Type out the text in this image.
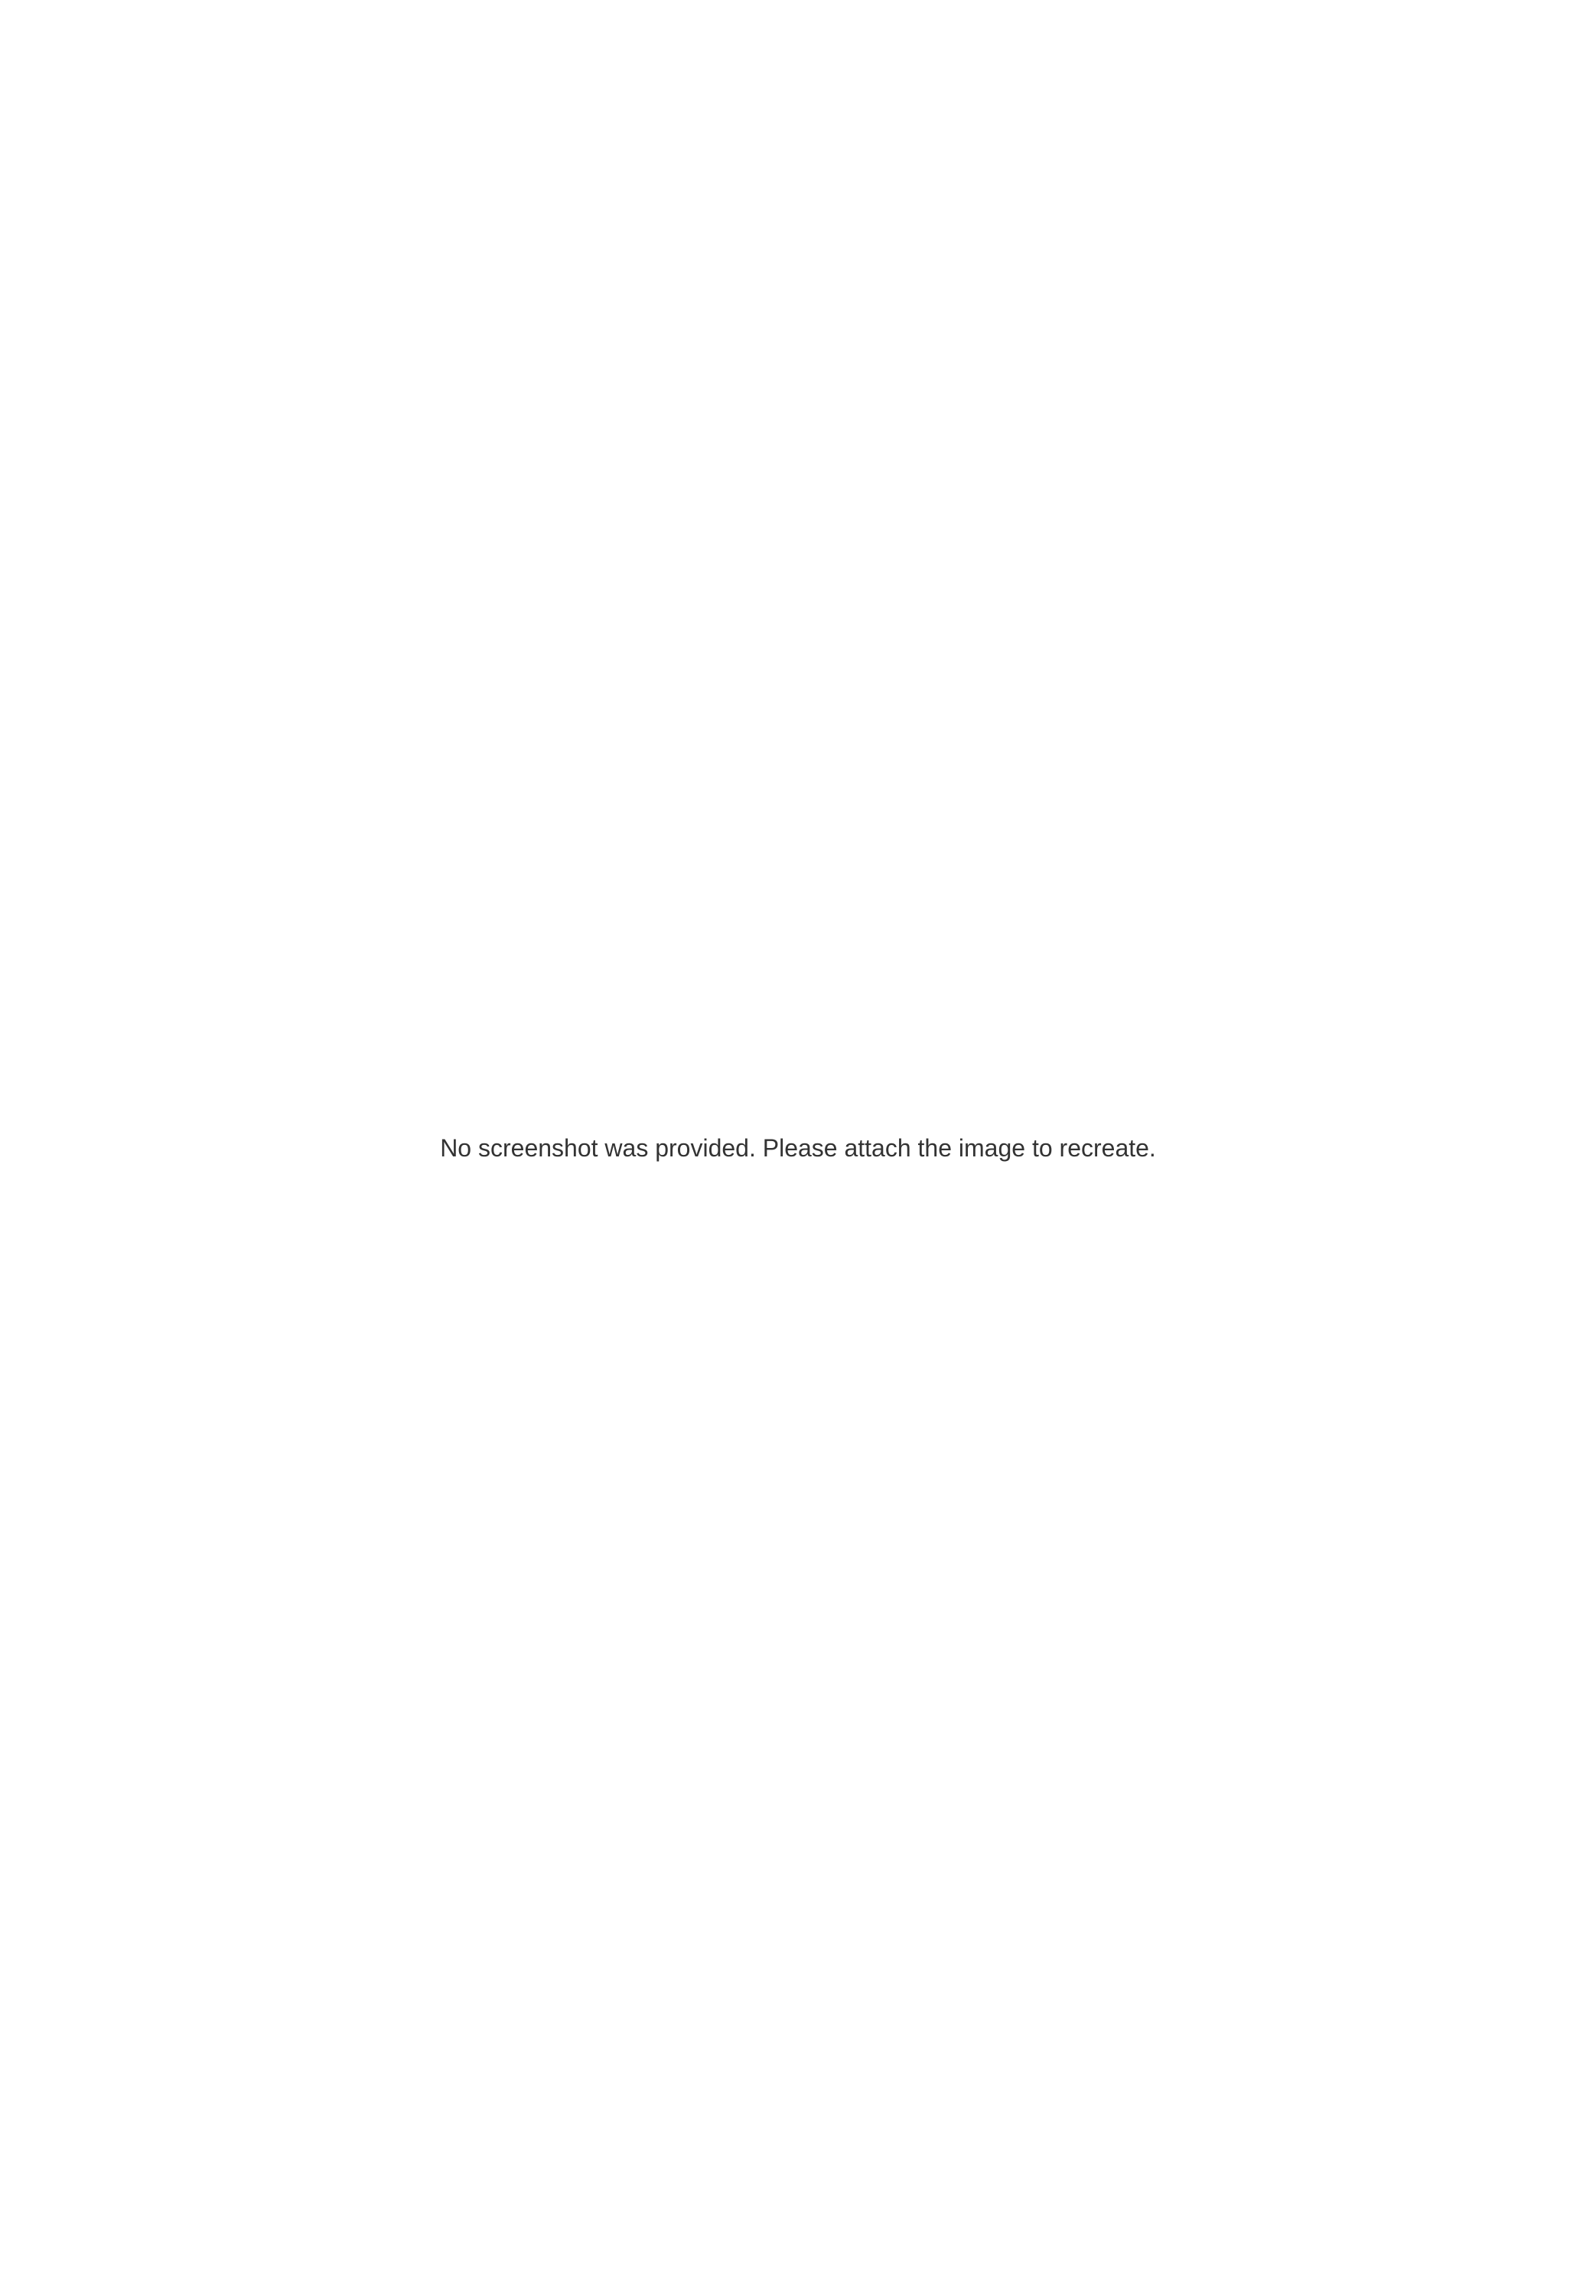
No screenshot was provided. Please attach the image to recreate.
